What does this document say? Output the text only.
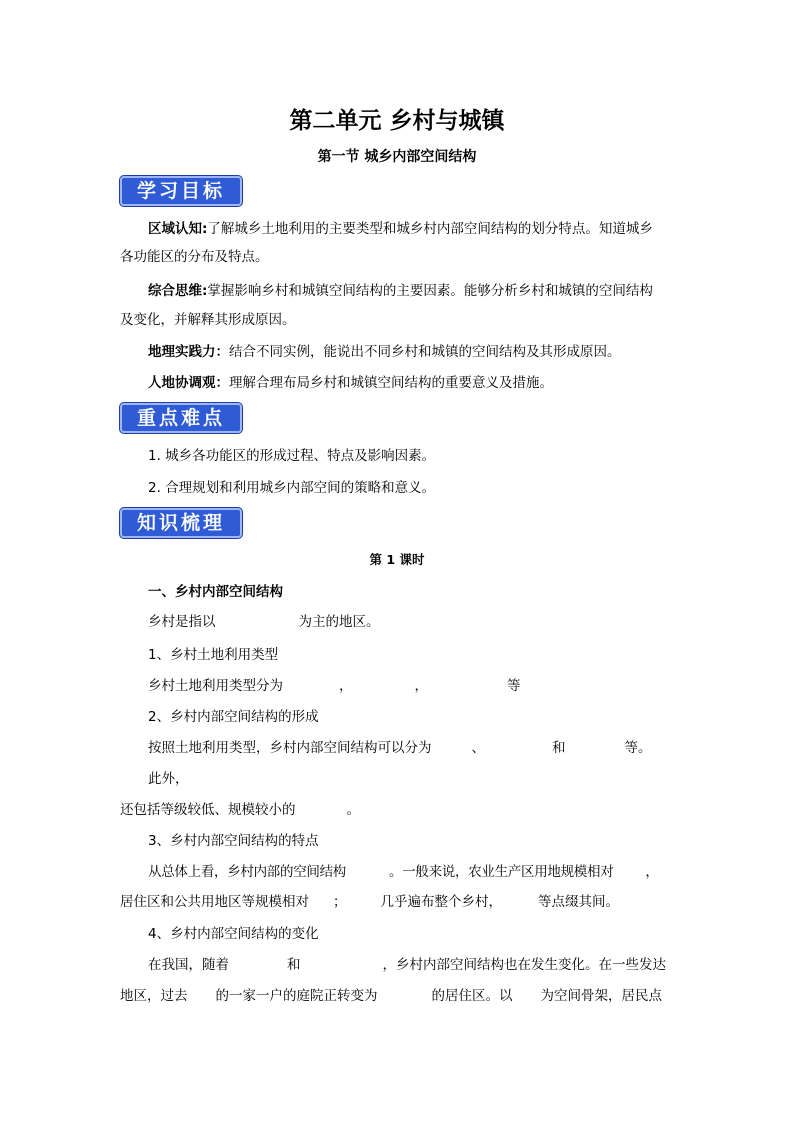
第二单元 乡村与城镇
第一节 城乡内部空间结构
学习目标
区域认知:了解城乡土地利用的主要类型和城乡村内部空间结构的划分特点。知道城乡
各功能区的分布及特点。
综合思维:掌握影响乡村和城镇空间结构的主要因素。能够分析乡村和城镇的空间结构
及变化，并解释其形成原因。
地理实践力：结合不同实例，能说出不同乡村和城镇的空间结构及其形成原因。
人地协调观：理解合理布局乡村和城镇空间结构的重要意义及措施。
重点难点
1. 城乡各功能区的形成过程、特点及影响因素。
2. 合理规划和利用城乡内部空间的策略和意义。
知识梳理
第 1 课时
一、乡村内部空间结构
乡村是指以	为主的地区。
1、乡村土地利用类型
乡村土地利用类型分为	，	，	等
2、乡村内部空间结构的形成
按照土地利用类型，乡村内部空间结构可以分为	、	和	等。
此外，
还包括等级较低、规模较小的	。
3、乡村内部空间结构的特点
从总体上看，乡村内部的空间结构	。一般来说，农业生产区用地规模相对 ，
居住区和公共用地区等规模相对 ；	几乎遍布整个乡村，	等点缀其间。
4、乡村内部空间结构的变化
在我国，随着	和	，乡村内部空间结构也在发生变化。在一些发达
地区，过去 的一家一户的庭院正转变为	的居住区。以 为空间骨架，居民点
